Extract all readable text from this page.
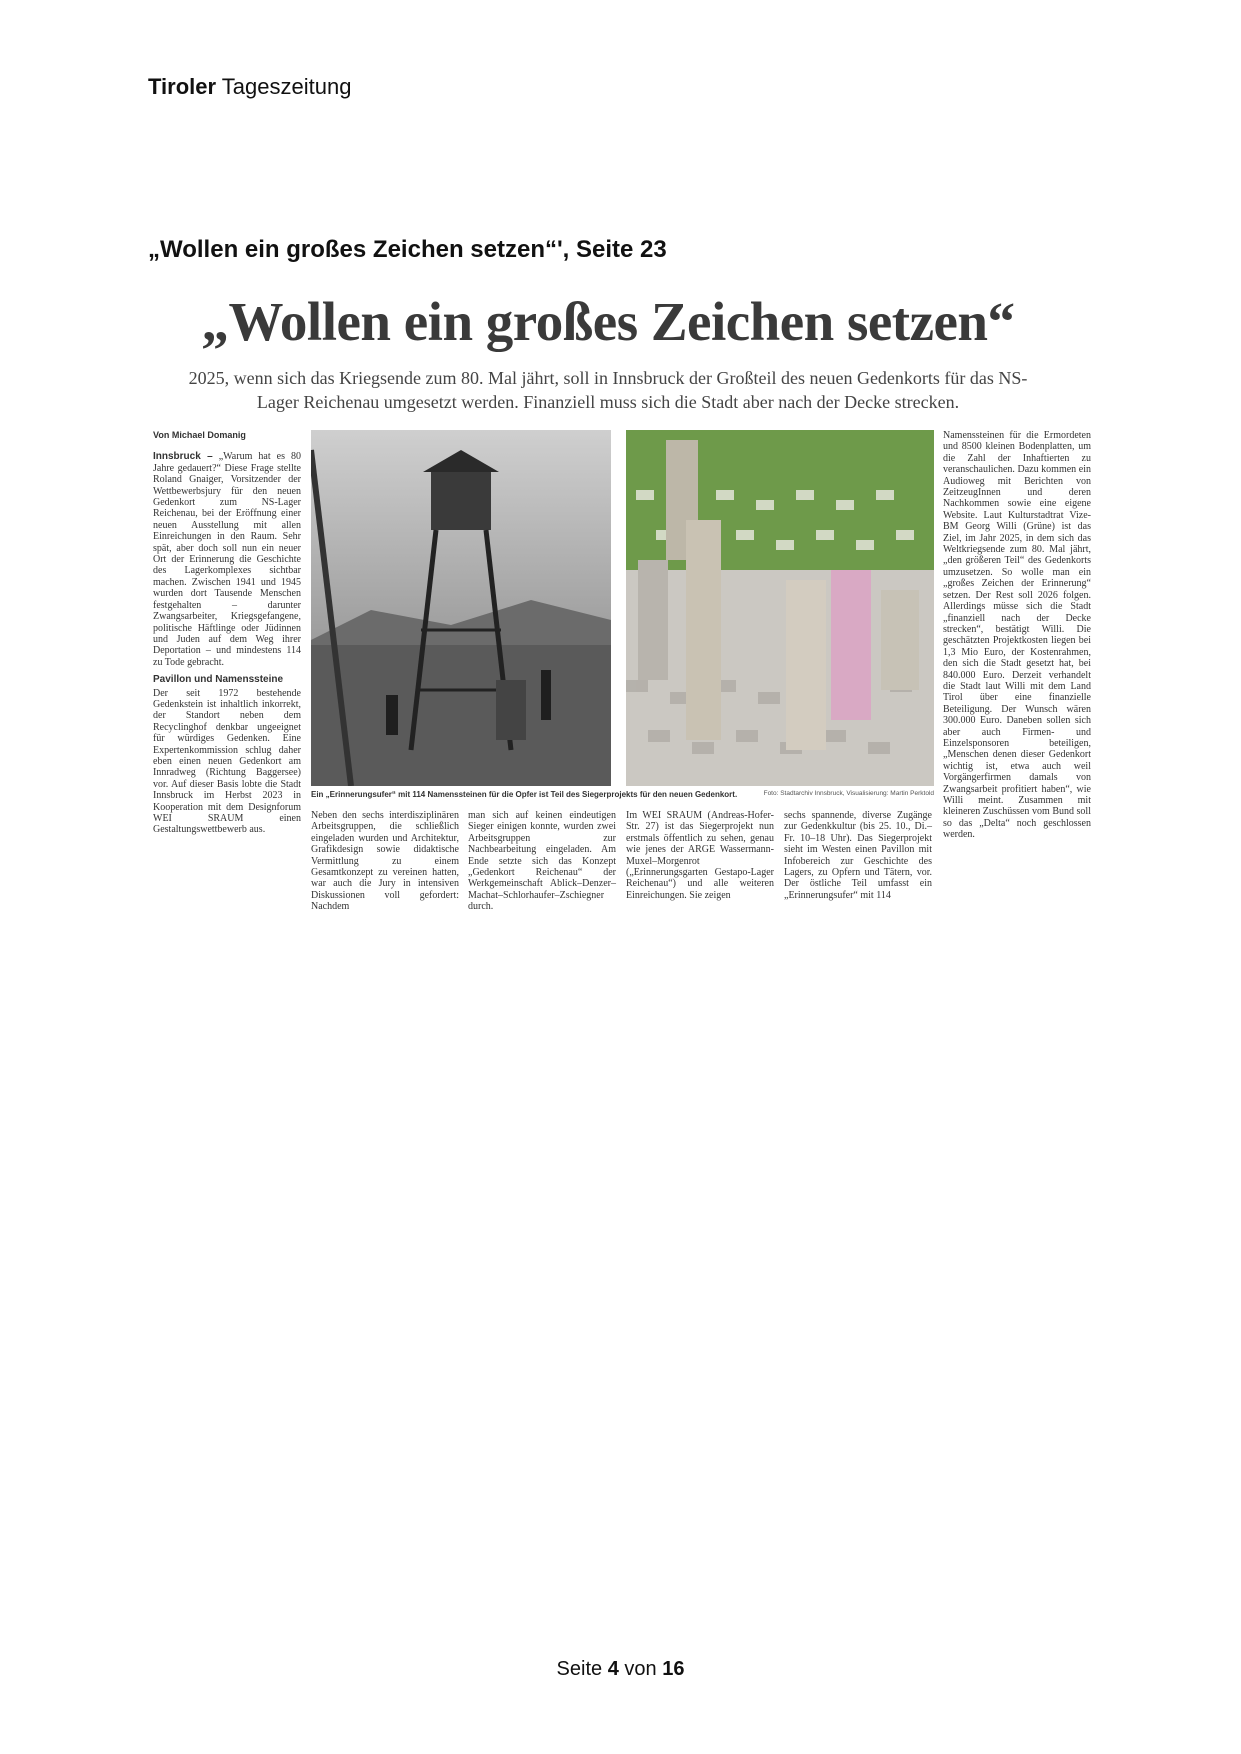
Tiroler Tageszeitung
„Wollen ein großes Zeichen setzen“', Seite 23
„Wollen ein großes Zeichen setzen“
2025, wenn sich das Kriegsende zum 80. Mal jährt, soll in Innsbruck der Großteil des neuen Gedenkorts für das NS-Lager Reichenau umgesetzt werden. Finanziell muss sich die Stadt aber nach der Decke strecken.

Von Michael Domanig

Innsbruck – „Warum hat es 80 Jahre gedauert?“ Diese Frage stellte Roland Gnaiger, Vorsitzender der Wettbewerbsjury für den neuen Gedenkort zum NS-Lager Reichenau, bei der Eröffnung einer neuen Ausstellung mit allen Einreichungen in den Raum. Sehr spät, aber doch soll nun ein neuer Ort der Erinnerung die Geschichte des Lagerkomplexes sichtbar machen. Zwischen 1941 und 1945 wurden dort Tausende Menschen festgehalten – darunter Zwangsarbeiter, Kriegsgefangene, politische Häftlinge oder Jüdinnen und Juden auf dem Weg ihrer Deportation – und mindestens 114 zu Tode gebracht.

Pavillon und Namenssteine

Der seit 1972 bestehende Gedenkstein ist inhaltlich inkorrekt, der Standort neben dem Recyclinghof denkbar ungeeignet für würdiges Gedenken. Eine Expertenkommission schlug daher eben einen neuen Gedenkort am Innradweg (Richtung Baggersee) vor. Auf dieser Basis lobte die Stadt Innsbruck im Herbst 2023 in Kooperation mit dem Designforum WEI SRAUM einen Gestaltungswettbewerb aus.

Ein „Erinnerungsufer“ mit 114 Namenssteinen für die Opfer ist Teil des Siegerprojekts für den neuen Gedenkort.	Foto: Stadtarchiv Innsbruck, Visualisierung: Martin Perktold

Neben den sechs interdisziplinären Arbeitsgruppen, die schließlich eingeladen wurden und Architektur, Grafikdesign sowie didaktische Vermittlung zu einem Gesamtkonzept zu vereinen hatten, war auch die Jury in intensiven Diskussionen voll gefordert: Nachdem

man sich auf keinen eindeutigen Sieger einigen konnte, wurden zwei Arbeitsgruppen zur Nachbearbeitung eingeladen. Am Ende setzte sich das Konzept „Gedenkort Reichenau“ der Werkgemeinschaft Ablick–Denzer–Machat–Schlorhaufer–Zschiegner durch.

Im WEI SRAUM (Andreas-Hofer-Str. 27) ist das Siegerprojekt nun erstmals öffentlich zu sehen, genau wie jenes der ARGE Wassermann-Muxel–Morgenrot („Erinnerungsgarten Gestapo-Lager Reichenau“) und alle weiteren Einreichungen. Sie zeigen

sechs spannende, diverse Zugänge zur Gedenkkultur (bis 25. 10., Di.–Fr. 10–18 Uhr). Das Siegerprojekt sieht im Westen einen Pavillon mit Infobereich zur Geschichte des Lagers, zu Opfern und Tätern, vor. Der östliche Teil umfasst ein „Erinnerungsufer“ mit 114

Namenssteinen für die Ermordeten und 8500 kleinen Bodenplatten, um die Zahl der Inhaftierten zu veranschaulichen. Dazu kommen ein Audioweg mit Berichten von ZeitzeugInnen und deren Nachkommen sowie eine eigene Website. Laut Kulturstadtrat Vize-BM Georg Willi (Grüne) ist das Ziel, im Jahr 2025, in dem sich das Weltkriegsende zum 80. Mal jährt, „den größeren Teil“ des Gedenkorts umzusetzen. So wolle man ein „großes Zeichen der Erinnerung“ setzen. Der Rest soll 2026 folgen. Allerdings müsse sich die Stadt „finanziell nach der Decke strecken“, bestätigt Willi. Die geschätzten Projektkosten liegen bei 1,3 Mio Euro, der Kostenrahmen, den sich die Stadt gesetzt hat, bei 840.000 Euro. Derzeit verhandelt die Stadt laut Willi mit dem Land Tirol über eine finanzielle Beteiligung. Der Wunsch wären 300.000 Euro. Daneben sollen sich aber auch Firmen- und Einzelsponsoren beteiligen, „Menschen denen dieser Gedenkort wichtig ist, etwa auch weil Vorgängerfirmen damals von Zwangsarbeit profitiert haben“, wie Willi meint. Zusammen mit kleineren Zuschüssen vom Bund soll so das „Delta“ noch geschlossen werden.

Seite 4 von 16
